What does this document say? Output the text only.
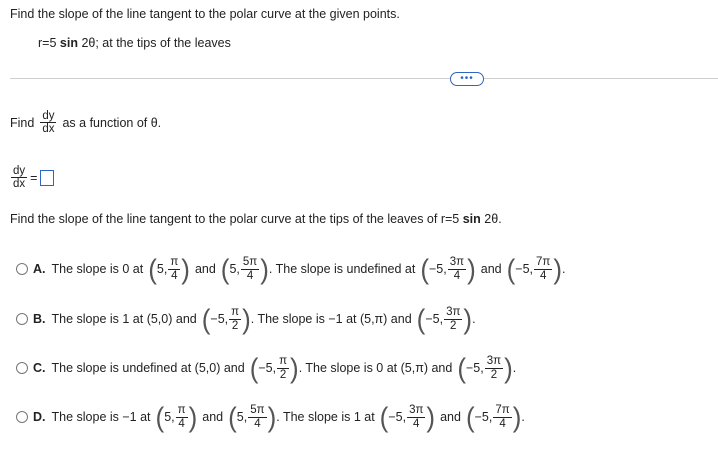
Find the slope of the line tangent to the polar curve at the given points.
r=5 sin 2θ; at the tips of the leaves
•••
Find $\frac{dy}{dx}$ as a function of θ.
$\frac{dy}{dx}$ =
Find the slope of the line tangent to the polar curve at the tips of the leaves of r=5 sin 2θ.
A. The slope is 0 at ( 5, $\frac{\pi}{4}$ ) and ( 5, $\frac{5\pi}{4}$ ) . The slope is undefined at ( −5, $\frac{3\pi}{4}$ ) and ( −5, $\frac{7\pi}{4}$ ) .
B. The slope is 1 at (5,0) and ( −5, $\frac{\pi}{2}$ ) . The slope is −1 at (5,π) and ( −5, $\frac{3\pi}{2}$ ) .
C. The slope is undefined at (5,0) and ( −5, $\frac{\pi}{2}$ ) . The slope is 0 at (5,π) and ( −5, $\frac{3\pi}{2}$ ) .
D. The slope is −1 at ( 5, $\frac{\pi}{4}$ ) and ( 5, $\frac{5\pi}{4}$ ) . The slope is 1 at ( −5, $\frac{3\pi}{4}$ ) and ( −5, $\frac{7\pi}{4}$ ) .
